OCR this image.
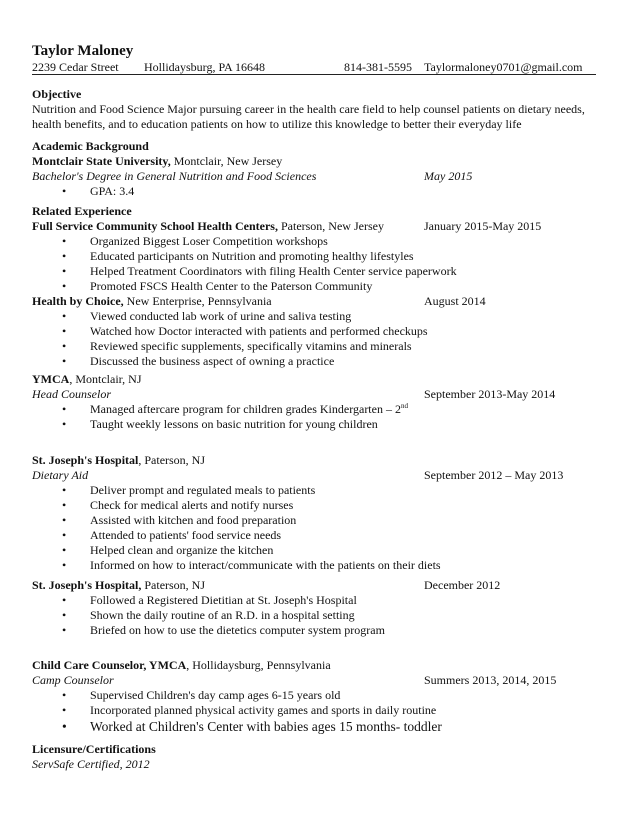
Taylor Maloney
2239 Cedar Street Hollidaysburg, PA 16648	814-381-5595 Taylormaloney0701@gmail.com
Objective
Nutrition and Food Science Major pursuing career in the health care field to help counsel patients on dietary needs,
health benefits, and to education patients on how to utilize this knowledge to better their everyday life
Academic Background
Montclair State University, Montclair, New Jersey
Bachelor's Degree in General Nutrition and Food Sciences	May 2015
• GPA: 3.4
Related Experience
Full Service Community School Health Centers, Paterson, New Jersey	January 2015-May 2015
• Organized Biggest Loser Competition workshops
• Educated participants on Nutrition and promoting healthy lifestyles
• Helped Treatment Coordinators with filing Health Center service paperwork
• Promoted FSCS Health Center to the Paterson Community
Health by Choice, New Enterprise, Pennsylvania	August 2014
• Viewed conducted lab work of urine and saliva testing
• Watched how Doctor interacted with patients and performed checkups
• Reviewed specific supplements, specifically vitamins and minerals
• Discussed the business aspect of owning a practice
YMCA, Montclair, NJ
Head Counselor	September 2013-May 2014
• Managed aftercare program for children grades Kindergarten – 2nd
• Taught weekly lessons on basic nutrition for young children
St. Joseph's Hospital, Paterson, NJ
Dietary Aid	September 2012 – May 2013
• Deliver prompt and regulated meals to patients
• Check for medical alerts and notify nurses
• Assisted with kitchen and food preparation
• Attended to patients' food service needs
• Helped clean and organize the kitchen
• Informed on how to interact/communicate with the patients on their diets
St. Joseph's Hospital, Paterson, NJ	December 2012
• Followed a Registered Dietitian at St. Joseph's Hospital
• Shown the daily routine of an R.D. in a hospital setting
• Briefed on how to use the dietetics computer system program
Child Care Counselor, YMCA, Hollidaysburg, Pennsylvania
Camp Counselor	Summers 2013, 2014, 2015
• Supervised Children's day camp ages 6-15 years old
• Incorporated planned physical activity games and sports in daily routine
• Worked at Children's Center with babies ages 15 months- toddler
Licensure/Certifications
ServSafe Certified, 2012
